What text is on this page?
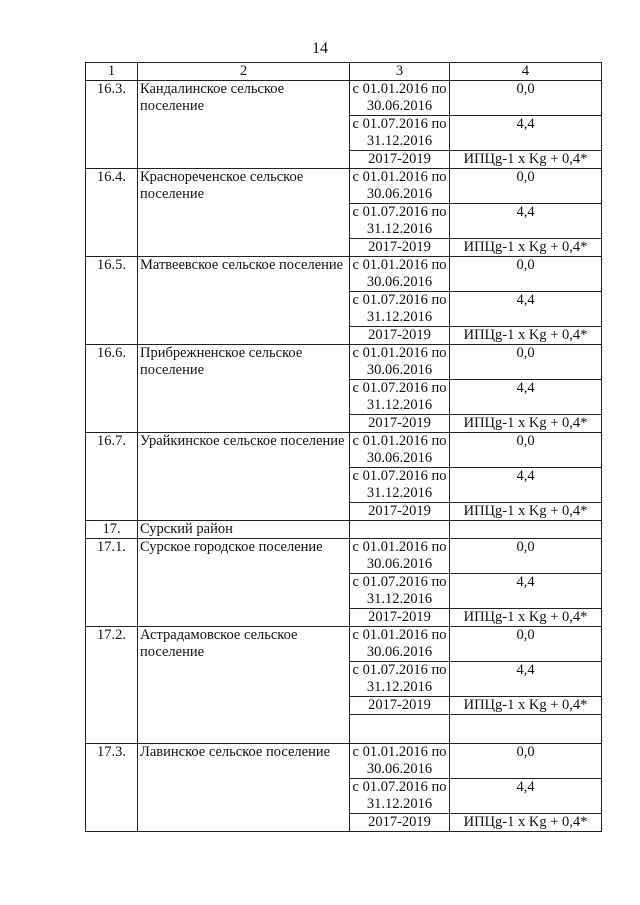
14
1	2	3	4
16.3.	Кандалинское сельское поселение	с 01.01.2016 по 30.06.2016	0,0
		с 01.07.2016 по 31.12.2016	4,4
		2017-2019	ИПЦg-1 х Kg + 0,4*
16.4.	Краснореченское сельское поселение	с 01.01.2016 по 30.06.2016	0,0
		с 01.07.2016 по 31.12.2016	4,4
		2017-2019	ИПЦg-1 х Kg + 0,4*
16.5.	Матвеевское сельское поселение	с 01.01.2016 по 30.06.2016	0,0
		с 01.07.2016 по 31.12.2016	4,4
		2017-2019	ИПЦg-1 х Kg + 0,4*
16.6.	Прибрежненское сельское поселение	с 01.01.2016 по 30.06.2016	0,0
		с 01.07.2016 по 31.12.2016	4,4
		2017-2019	ИПЦg-1 х Kg + 0,4*
16.7.	Урайкинское сельское поселение	с 01.01.2016 по 30.06.2016	0,0
		с 01.07.2016 по 31.12.2016	4,4
		2017-2019	ИПЦg-1 х Kg + 0,4*
17.	Сурский район		
17.1.	Сурское городское поселение	с 01.01.2016 по 30.06.2016	0,0
		с 01.07.2016 по 31.12.2016	4,4
		2017-2019	ИПЦg-1 х Kg + 0,4*
17.2.	Астрадамовское сельское поселение	с 01.01.2016 по 30.06.2016	0,0
		с 01.07.2016 по 31.12.2016	4,4
		2017-2019	ИПЦg-1 х Kg + 0,4*

17.3.	Лавинское сельское поселение	с 01.01.2016 по 30.06.2016	0,0
		с 01.07.2016 по 31.12.2016	4,4
		2017-2019	ИПЦg-1 х Kg + 0,4*
